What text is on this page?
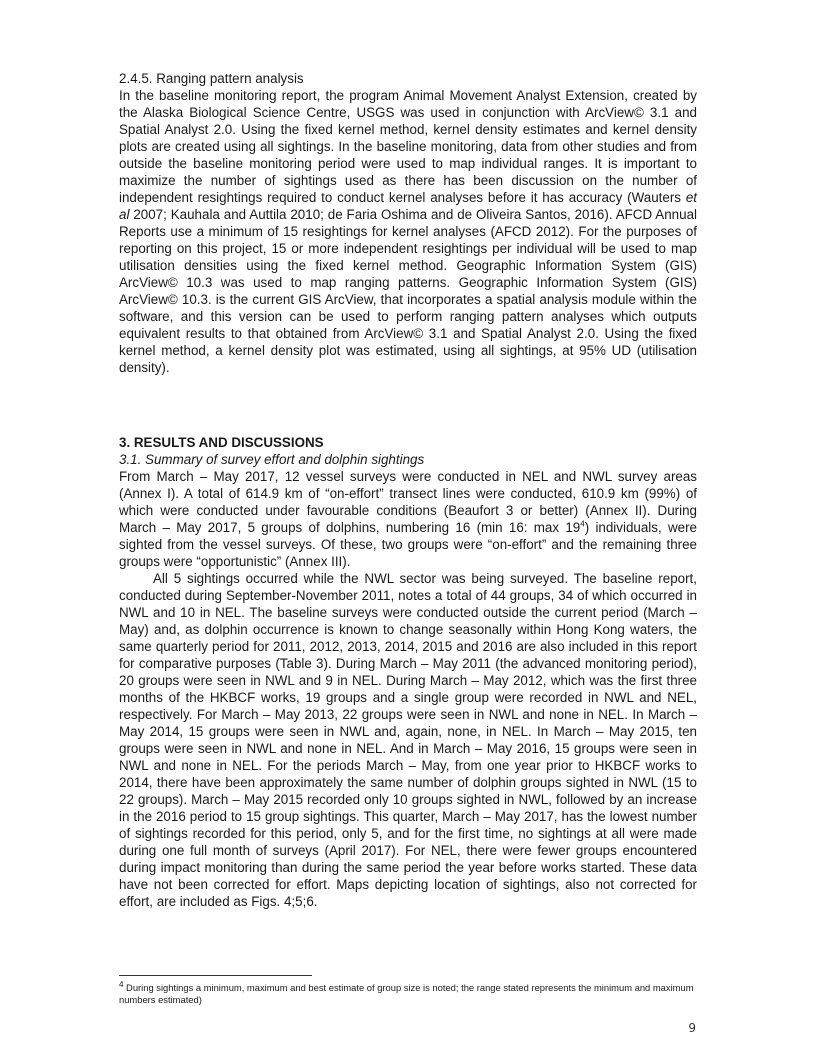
2.4.5. Ranging pattern analysis

In the baseline monitoring report, the program Animal Movement Analyst Extension, created by the Alaska Biological Science Centre, USGS was used in conjunction with ArcView© 3.1 and Spatial Analyst 2.0. Using the fixed kernel method, kernel density estimates and kernel density plots are created using all sightings. In the baseline monitoring, data from other studies and from outside the baseline monitoring period were used to map individual ranges. It is important to maximize the number of sightings used as there has been discussion on the number of independent resightings required to conduct kernel analyses before it has accuracy (Wauters et al 2007; Kauhala and Auttila 2010; de Faria Oshima and de Oliveira Santos, 2016). AFCD Annual Reports use a minimum of 15 resightings for kernel analyses (AFCD 2012). For the purposes of reporting on this project, 15 or more independent resightings per individual will be used to map utilisation densities using the fixed kernel method. Geographic Information System (GIS) ArcView© 10.3 was used to map ranging patterns. Geographic Information System (GIS) ArcView© 10.3. is the current GIS ArcView, that incorporates a spatial analysis module within the software, and this version can be used to perform ranging pattern analyses which outputs equivalent results to that obtained from ArcView© 3.1 and Spatial Analyst 2.0. Using the fixed kernel method, a kernel density plot was estimated, using all sightings, at 95% UD (utilisation density).

3. RESULTS AND DISCUSSIONS
3.1. Summary of survey effort and dolphin sightings

From March – May 2017, 12 vessel surveys were conducted in NEL and NWL survey areas (Annex I). A total of 614.9 km of “on-effort” transect lines were conducted, 610.9 km (99%) of which were conducted under favourable conditions (Beaufort 3 or better) (Annex II). During March – May 2017, 5 groups of dolphins, numbering 16 (min 16: $\max 19^4$) individuals, were sighted from the vessel surveys. Of these, two groups were “on-effort” and the remaining three groups were “opportunistic” (Annex III).

All 5 sightings occurred while the NWL sector was being surveyed. The baseline report, conducted during September-November 2011, notes a total of 44 groups, 34 of which occurred in NWL and 10 in NEL. The baseline surveys were conducted outside the current period (March – May) and, as dolphin occurrence is known to change seasonally within Hong Kong waters, the same quarterly period for 2011, 2012, 2013, 2014, 2015 and 2016 are also included in this report for comparative purposes (Table 3). During March – May 2011 (the advanced monitoring period), 20 groups were seen in NWL and 9 in NEL. During March – May 2012, which was the first three months of the HKBCF works, 19 groups and a single group were recorded in NWL and NEL, respectively. For March – May 2013, 22 groups were seen in NWL and none in NEL. In March – May 2014, 15 groups were seen in NWL and, again, none, in NEL. In March – May 2015, ten groups were seen in NWL and none in NEL. And in March – May 2016, 15 groups were seen in NWL and none in NEL. For the periods March – May, from one year prior to HKBCF works to 2014, there have been approximately the same number of dolphin groups sighted in NWL (15 to 22 groups). March – May 2015 recorded only 10 groups sighted in NWL, followed by an increase in the 2016 period to 15 group sightings. This quarter, March – May 2017, has the lowest number of sightings recorded for this period, only 5, and for the first time, no sightings at all were made during one full month of surveys (April 2017). For NEL, there were fewer groups encountered during impact monitoring than during the same period the year before works started. These data have not been corrected for effort. Maps depicting location of sightings, also not corrected for effort, are included as Figs. 4;5;6.

$^4$ During sightings a minimum, maximum and best estimate of group size is noted; the range stated represents the minimum and maximum numbers estimated)
9
